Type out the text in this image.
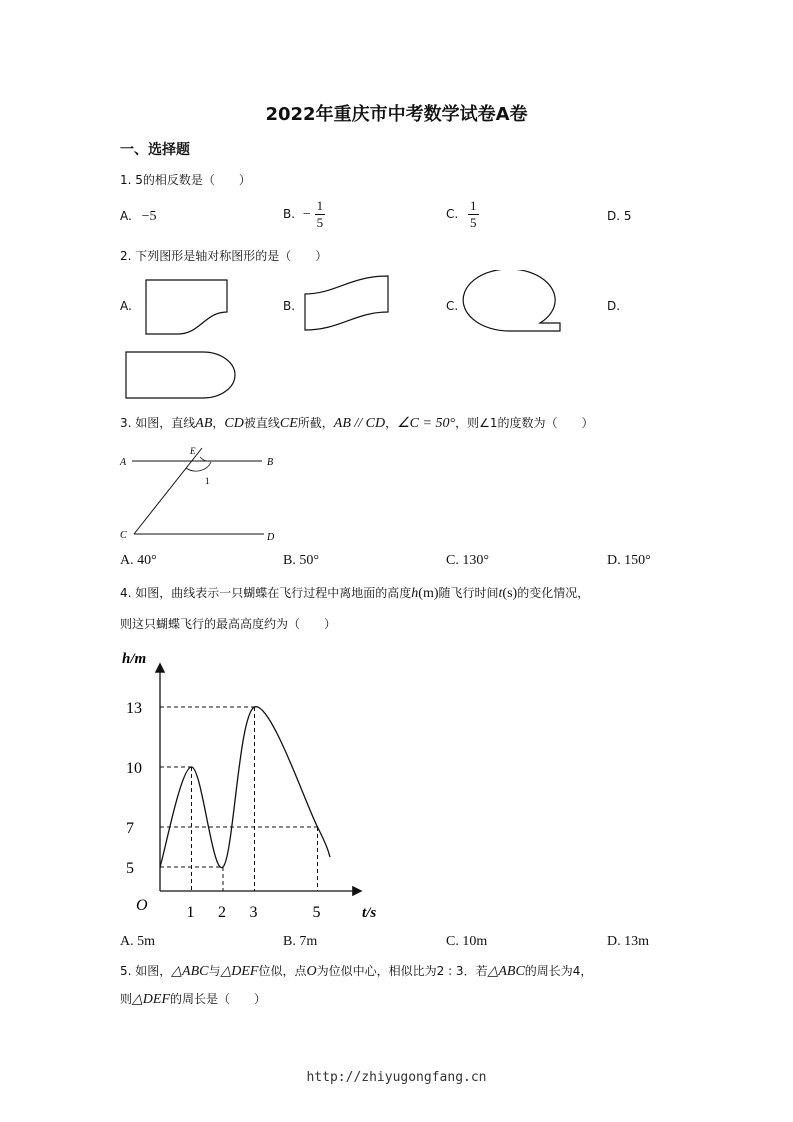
2022年重庆市中考数学试卷A卷
一、选择题
1. 5的相反数是（　　）
A. −5	B. − $\frac{1}{5}$	C. $\frac{1}{5}$	D. 5
2. 下列图形是轴对称图形的是（　　）
A.	B.	C.	D.
3. 如图，直线AB，CD被直线CE所截，AB // CD，∠C = 50°，则∠1的度数为（　　）
A	B
C	D
E
1
A. 40°	B. 50°	C. 130°	D. 150°
4. 如图，曲线表示一只蝴蝶在飞行过程中离地面的高度h(m)随飞行时间t(s)的变化情况，
则这只蝴蝶飞行的最高高度约为（　　）
h/m
t/s
O
5
7
10
13
1 2 3	5
A. 5m	B. 7m	C. 10m	D. 13m
5. 如图，△ABC与△DEF位似，点O为位似中心，相似比为2 : 3．若△ABC的周长为4，
则△DEF的周长是（　　）
http://zhiyugongfang.cn
